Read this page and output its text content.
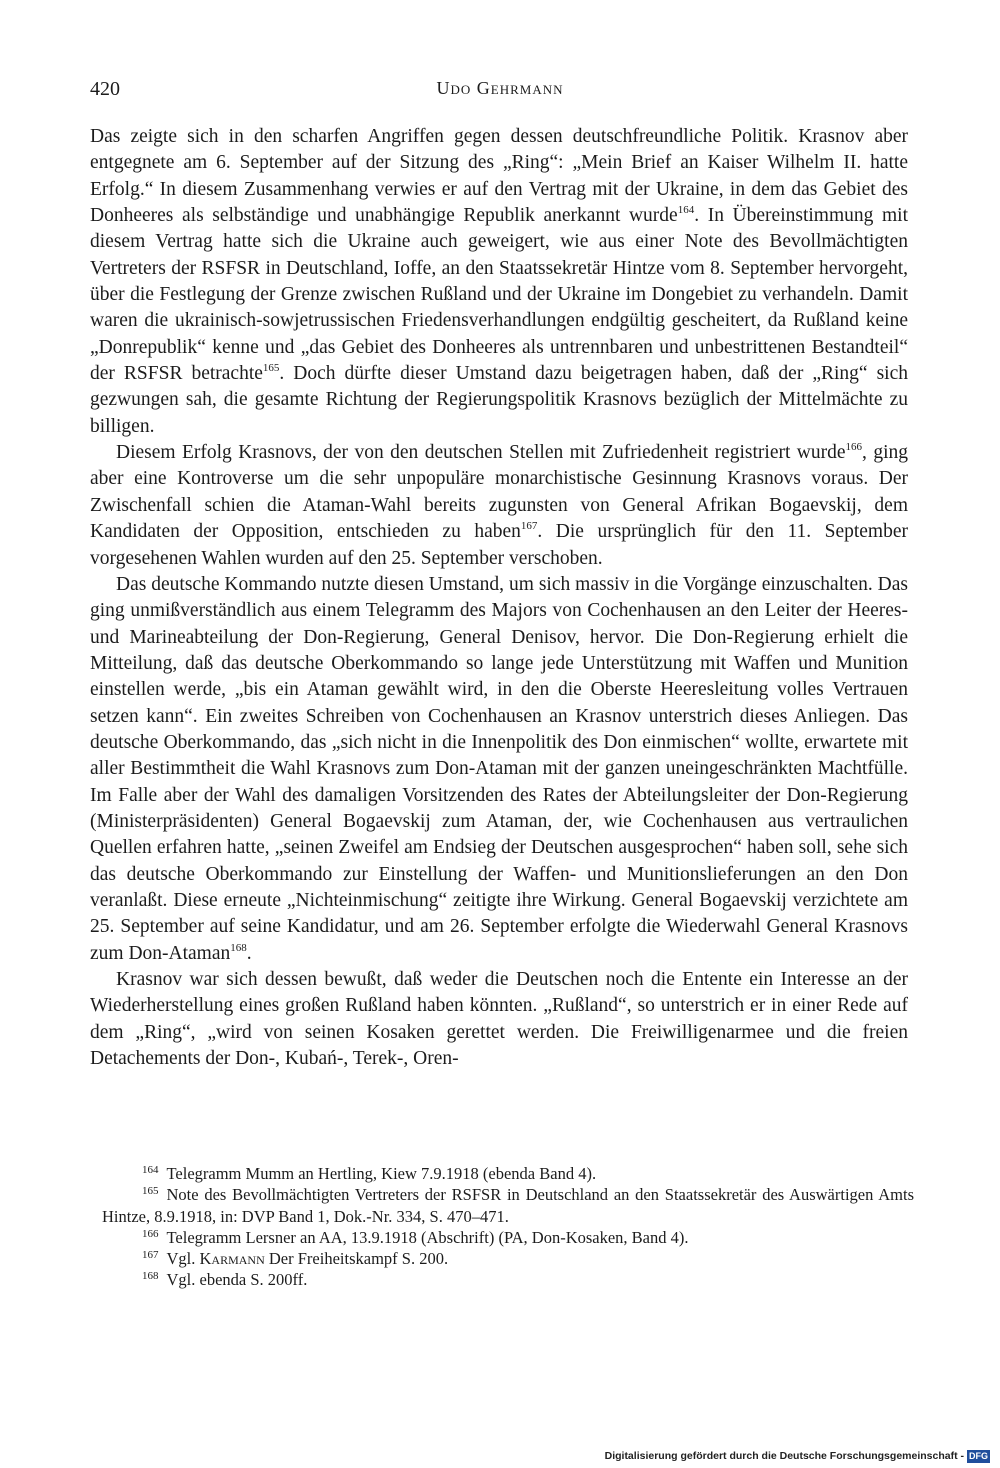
420	Udo Gehrmann

Das zeigte sich in den scharfen Angriffen gegen dessen deutschfreundliche Politik. Krasnov aber entgegnete am 6. September auf der Sitzung des „Ring“: „Mein Brief an Kaiser Wilhelm II. hatte Erfolg.“ In diesem Zusammenhang verwies er auf den Vertrag mit der Ukraine, in dem das Gebiet des Donheeres als selbständige und unabhängige Republik anerkannt wurde$^{164}$. In Übereinstimmung mit diesem Vertrag hatte sich die Ukraine auch geweigert, wie aus einer Note des Bevollmächtigten Vertreters der RSFSR in Deutschland, Ioffe, an den Staatssekretär Hintze vom 8. September hervorgeht, über die Festlegung der Grenze zwischen Rußland und der Ukraine im Dongebiet zu verhandeln. Damit waren die ukrainisch-sowjetrussischen Friedensverhandlungen endgültig gescheitert, da Rußland keine „Donrepublik“ kenne und „das Gebiet des Donheeres als untrennbaren und unbestrittenen Bestandteil“ der RSFSR betrachte$^{165}$. Doch dürfte dieser Umstand dazu beigetragen haben, daß der „Ring“ sich gezwungen sah, die gesamte Richtung der Regierungspolitik Krasnovs bezüglich der Mittelmächte zu billigen.

Diesem Erfolg Krasnovs, der von den deutschen Stellen mit Zufriedenheit registriert wurde$^{166}$, ging aber eine Kontroverse um die sehr unpopuläre monarchistische Gesinnung Krasnovs voraus. Der Zwischenfall schien die Ataman-Wahl bereits zugunsten von General Afrikan Bogaevskij, dem Kandidaten der Opposition, entschieden zu haben$^{167}$. Die ursprünglich für den 11. September vorgesehenen Wahlen wurden auf den 25. September verschoben.

Das deutsche Kommando nutzte diesen Umstand, um sich massiv in die Vorgänge einzuschalten. Das ging unmißverständlich aus einem Telegramm des Majors von Cochenhausen an den Leiter der Heeres- und Marineabteilung der Don-Regierung, General Denisov, hervor. Die Don-Regierung erhielt die Mitteilung, daß das deutsche Oberkommando so lange jede Unterstützung mit Waffen und Munition einstellen werde, „bis ein Ataman gewählt wird, in den die Oberste Heeresleitung volles Vertrauen setzen kann“. Ein zweites Schreiben von Cochenhausen an Krasnov unterstrich dieses Anliegen. Das deutsche Oberkommando, das „sich nicht in die Innenpolitik des Don einmischen“ wollte, erwartete mit aller Bestimmtheit die Wahl Krasnovs zum Don-Ataman mit der ganzen uneingeschränkten Machtfülle. Im Falle aber der Wahl des damaligen Vorsitzenden des Rates der Abteilungsleiter der Don-Regierung (Ministerpräsidenten) General Bogaevskij zum Ataman, der, wie Cochenhausen aus vertraulichen Quellen erfahren hatte, „seinen Zweifel am Endsieg der Deutschen ausgesprochen“ haben soll, sehe sich das deutsche Oberkommando zur Einstellung der Waffen- und Munitionslieferungen an den Don veranlaßt. Diese erneute „Nichteinmischung“ zeitigte ihre Wirkung. General Bogaevskij verzichtete am 25. September auf seine Kandidatur, und am 26. September erfolgte die Wiederwahl General Krasnovs zum Don-Ataman$^{168}$.

Krasnov war sich dessen bewußt, daß weder die Deutschen noch die Entente ein Interesse an der Wiederherstellung eines großen Rußland haben könnten. „Rußland“, so unterstrich er in einer Rede auf dem „Ring“, „wird von seinen Kosaken gerettet werden. Die Freiwilligenarmee und die freien Detachements der Don-, Kubań-, Terek-, Oren-

$^{164}$ Telegramm Mumm an Hertling, Kiew 7.9.1918 (ebenda Band 4).
$^{165}$ Note des Bevollmächtigten Vertreters der RSFSR in Deutschland an den Staatssekretär des Auswärtigen Amts Hintze, 8.9.1918, in: DVP Band 1, Dok.-Nr. 334, S. 470–471.
$^{166}$ Telegramm Lersner an AA, 13.9.1918 (Abschrift) (PA, Don-Kosaken, Band 4).
$^{167}$ Vgl. Karmann Der Freiheitskampf S. 200.
$^{168}$ Vgl. ebenda S. 200ff.
Digitalisierung gefördert durch die Deutsche Forschungsgemeinschaft - DFG
